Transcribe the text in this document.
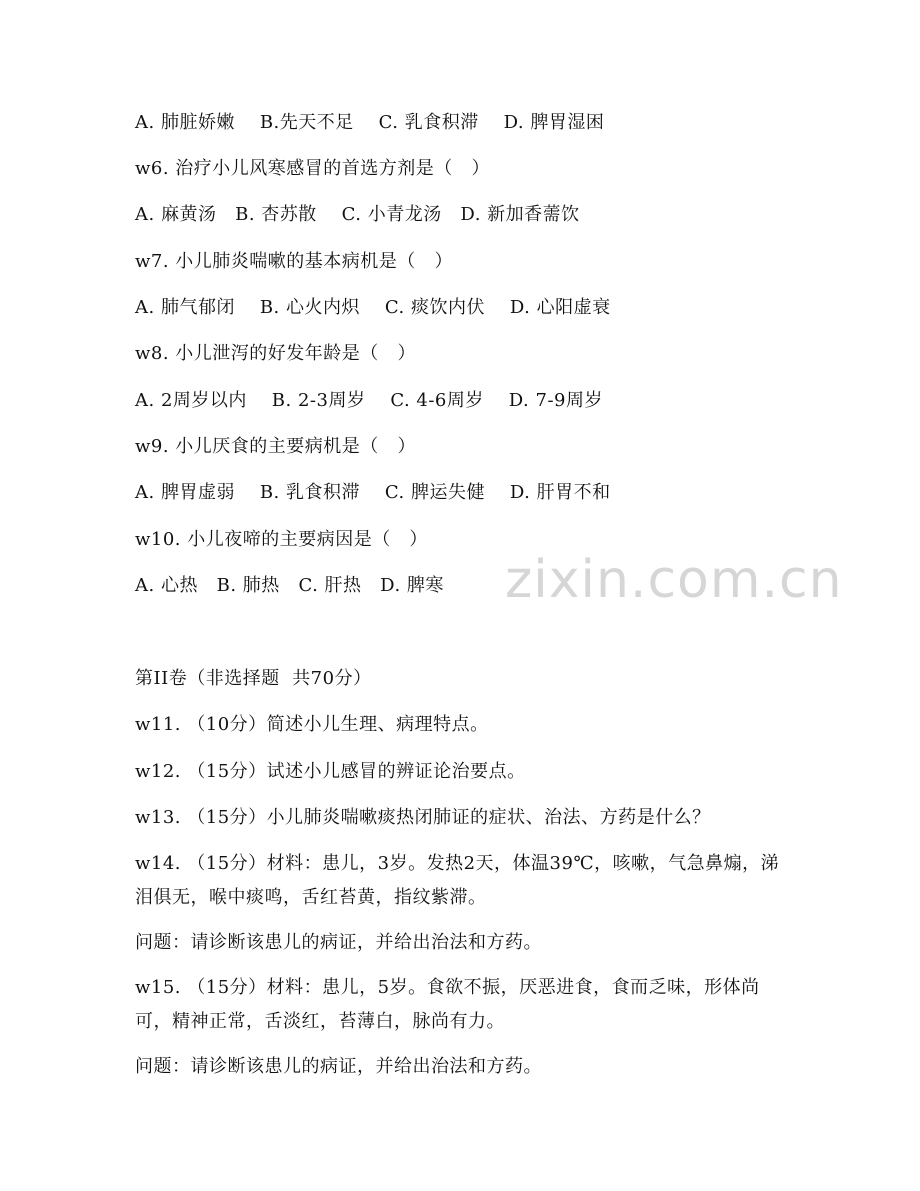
A. 肺脏娇嫩    B.先天不足    C. 乳食积滞    D. 脾胃湿困
w6. 治疗小儿风寒感冒的首选方剂是（   ）
A. 麻黄汤   B. 杏苏散    C. 小青龙汤   D. 新加香薷饮
w7. 小儿肺炎喘嗽的基本病机是（   ）
A. 肺气郁闭    B. 心火内炽    C. 痰饮内伏    D. 心阳虚衰
w8. 小儿泄泻的好发年龄是（   ）
A. 2周岁以内    B. 2-3周岁    C. 4-6周岁    D. 7-9周岁
w9. 小儿厌食的主要病机是（   ）
A. 脾胃虚弱    B. 乳食积滞    C. 脾运失健    D. 肝胃不和
w10. 小儿夜啼的主要病因是（   ）
A. 心热   B. 肺热   C. 肝热   D. 脾寒
第II卷（非选择题  共70分）
w11. （10分）简述小儿生理、病理特点。
w12. （15分）试述小儿感冒的辨证论治要点。
w13. （15分）小儿肺炎喘嗽痰热闭肺证的症状、治法、方药是什么？
w14. （15分）材料：患儿，3岁。发热2天，体温39℃，咳嗽，气急鼻煽，涕泪俱无，喉中痰鸣，舌红苔黄，指纹紫滞。
问题：请诊断该患儿的病证，并给出治法和方药。
w15. （15分）材料：患儿，5岁。食欲不振，厌恶进食，食而乏味，形体尚可，精神正常，舌淡红，苔薄白，脉尚有力。
问题：请诊断该患儿的病证，并给出治法和方药。
zixin.com.cn
